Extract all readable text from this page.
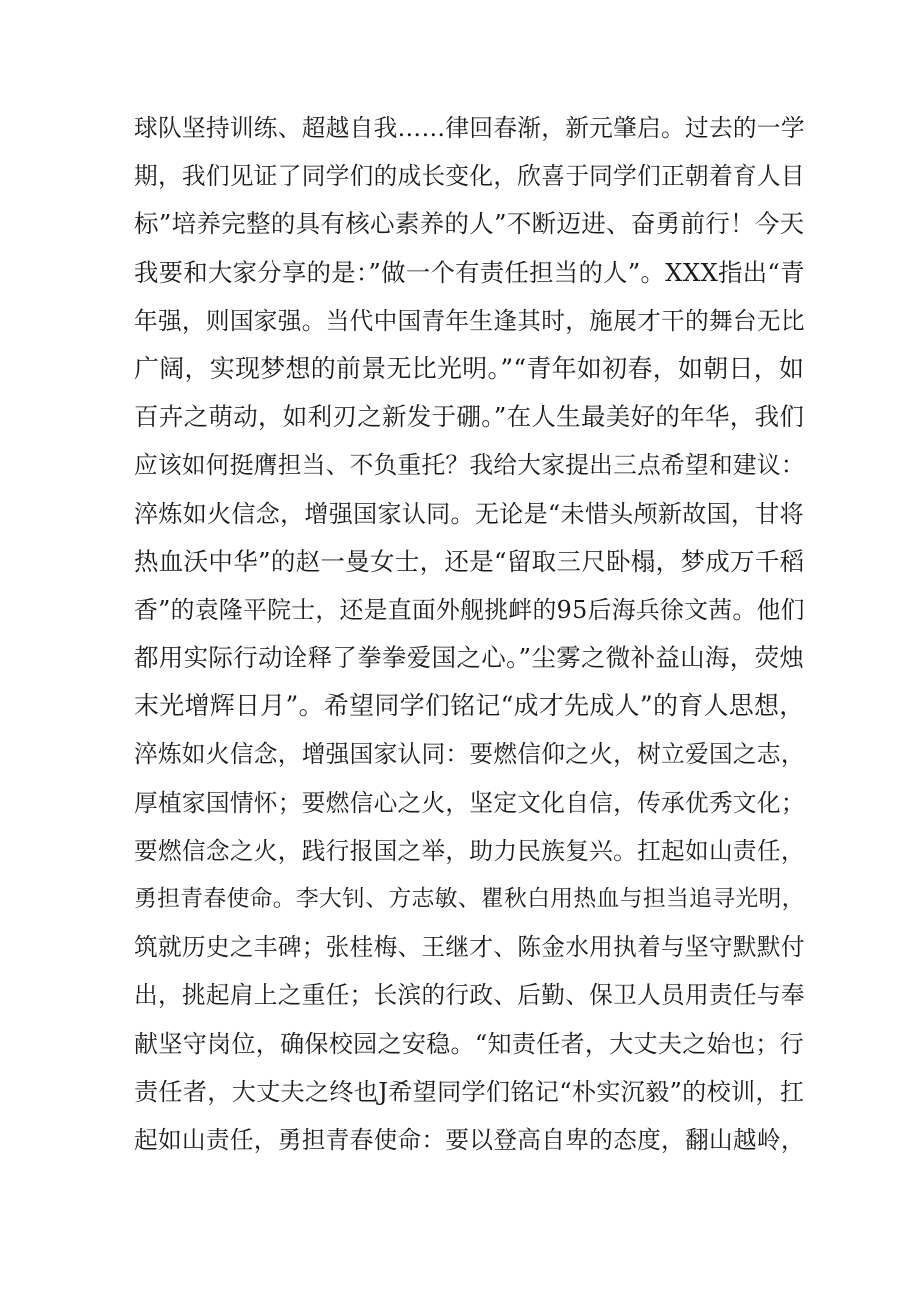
球队坚持训练、超越自我……律回春渐，新元肇启。过去的一学
期，我们见证了同学们的成长变化，欣喜于同学们正朝着育人目
标”培养完整的具有核心素养的人”不断迈进、奋勇前行！今天
我要和大家分享的是：”做一个有责任担当的人”。XXX指出“青
年强，则国家强。当代中国青年生逢其时，施展才干的舞台无比
广阔，实现梦想的前景无比光明。”“青年如初春，如朝日，如
百卉之萌动，如利刃之新发于硼。”在人生最美好的年华，我们
应该如何挺膺担当、不负重托？我给大家提出三点希望和建议：
淬炼如火信念，增强国家认同。无论是“未惜头颅新故国，甘将
热血沃中华”的赵一曼女士，还是“留取三尺卧榻，梦成万千稻
香”的袁隆平院士，还是直面外舰挑衅的95后海兵徐文茜。他们
都用实际行动诠释了拳拳爱国之心。”尘雾之微补益山海，荧烛
末光增辉日月”。希望同学们铭记“成才先成人”的育人思想，
淬炼如火信念，增强国家认同：要燃信仰之火，树立爱国之志，
厚植家国情怀；要燃信心之火，坚定文化自信，传承优秀文化；
要燃信念之火，践行报国之举，助力民族复兴。扛起如山责任，
勇担青春使命。李大钊、方志敏、瞿秋白用热血与担当追寻光明，
筑就历史之丰碑；张桂梅、王继才、陈金水用执着与坚守默默付
出，挑起肩上之重任；长滨的行政、后勤、保卫人员用责任与奉
献坚守岗位，确保校园之安稳。“知责任者，大丈夫之始也；行
责任者，大丈夫之终也J希望同学们铭记“朴实沉毅”的校训，扛
起如山责任，勇担青春使命：要以登高自卑的态度，翻山越岭，
